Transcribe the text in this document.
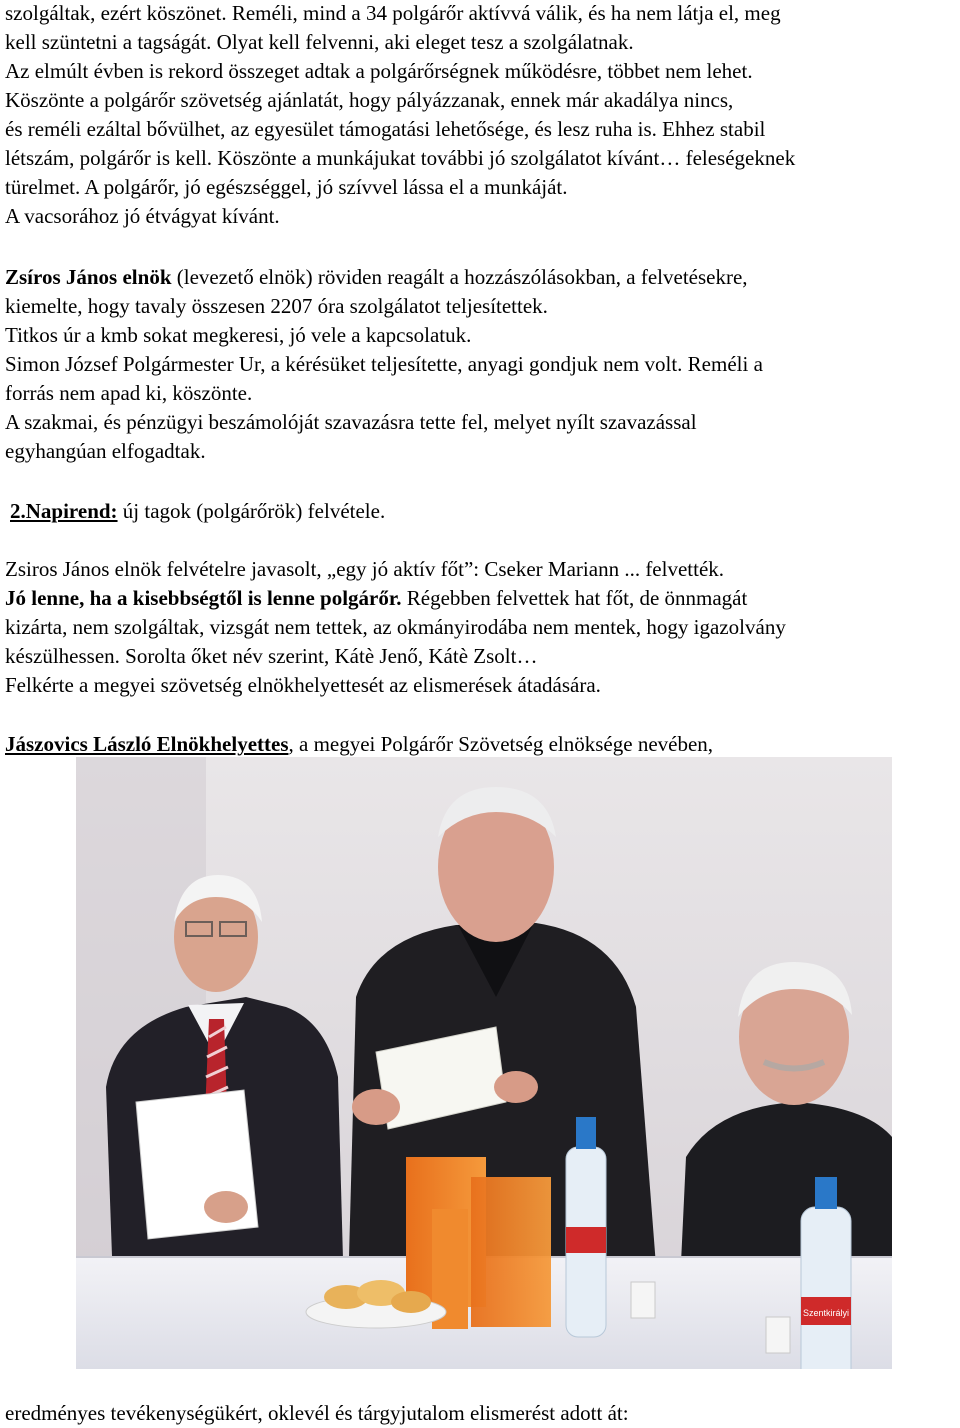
szolgáltak, ezért köszönet. Reméli, mind a 34 polgárőr aktívvá válik, és ha nem látja el, meg
kell szüntetni a tagságát. Olyat kell felvenni, aki eleget tesz a szolgálatnak.
Az elmúlt évben is rekord összeget adtak a polgárőrségnek működésre, többet nem lehet.
Köszönte a polgárőr szövetség ajánlatát, hogy pályázzanak, ennek már akadálya nincs,
és reméli ezáltal bővülhet, az egyesület támogatási lehetősége, és lesz ruha is. Ehhez stabil
létszám, polgárőr is kell. Köszönte a munkájukat további jó szolgálatot kívánt… feleségeknek
türelmet. A polgárőr, jó egészséggel, jó szívvel lássa el a munkáját.
A vacsorához jó étvágyat kívánt.
Zsíros János elnök (levezető elnök) röviden reagált a hozzászólásokban, a felvetésekre,
kiemelte, hogy tavaly összesen 2207 óra szolgálatot teljesítettek.
Titkos úr a kmb sokat megkeresi, jó vele a kapcsolatuk.
Simon József Polgármester Ur, a kérésüket teljesítette, anyagi gondjuk nem volt. Reméli a
forrás nem apad ki, köszönte.
A szakmai, és pénzügyi beszámolóját szavazásra tette fel, melyet nyílt szavazással
egyhangúan elfogadtak.
2.Napirend: új tagok (polgárőrök) felvétele.
Zsiros János elnök felvételre javasolt, „egy jó aktív főt”: Cseker Mariann ... felvették.
Jó lenne, ha a kisebbségtől is lenne polgárőr. Régebben felvettek hat főt, de önnmagát
kizárta, nem szolgáltak, vizsgát nem tettek, az okmányirodába nem mentek, hogy igazolvány
készülhessen. Sorolta őket név szerint, Kátè Jenő, Kátè Zsolt…
Felkérte a megyei szövetség elnökhelyettesét az elismerések átadására.
Jászovics László Elnökhelyettes, a megyei Polgárőr Szövetség elnöksége nevében,
eredményes tevékenységükért, oklevél és tárgyjutalom elismerést adott át:
Szentkirályi
